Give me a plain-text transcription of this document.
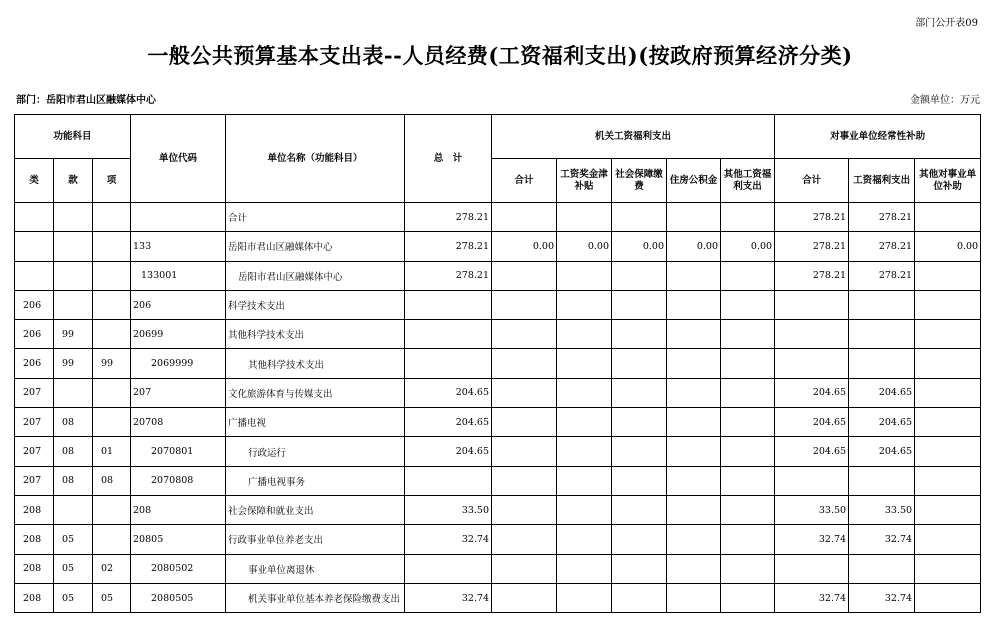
部门公开表09
一般公共预算基本支出表--人员经费(工资福利支出)(按政府预算经济分类)
部门：岳阳市君山区融媒体中心	金额单位：万元
功能科目			单位代码	单位名称（功能科目）	总　计	机关工资福利支出					对事业单位经常性补助		
类	款	项				合计	工资奖金津补贴	社会保障缴费	住房公积金	其他工资福利支出	合计	工资福利支出	其他对事业单位补助
				合计	278.21						278.21	278.21	
			133	岳阳市君山区融媒体中心	278.21	0.00	0.00	0.00	0.00	0.00	278.21	278.21	0.00
			133001	岳阳市君山区融媒体中心	278.21						278.21	278.21	
206			206	科学技术支出									
206	99		20699	其他科学技术支出									
206	99	99	2069999	其他科学技术支出									
207			207	文化旅游体育与传媒支出	204.65						204.65	204.65	
207	08		20708	广播电视	204.65						204.65	204.65	
207	08	01	2070801	行政运行	204.65						204.65	204.65	
207	08	08	2070808	广播电视事务									
208			208	社会保障和就业支出	33.50						33.50	33.50	
208	05		20805	行政事业单位养老支出	32.74						32.74	32.74	
208	05	02	2080502	事业单位离退休									
208	05	05	2080505	机关事业单位基本养老保险缴费支出	32.74						32.74	32.74	
